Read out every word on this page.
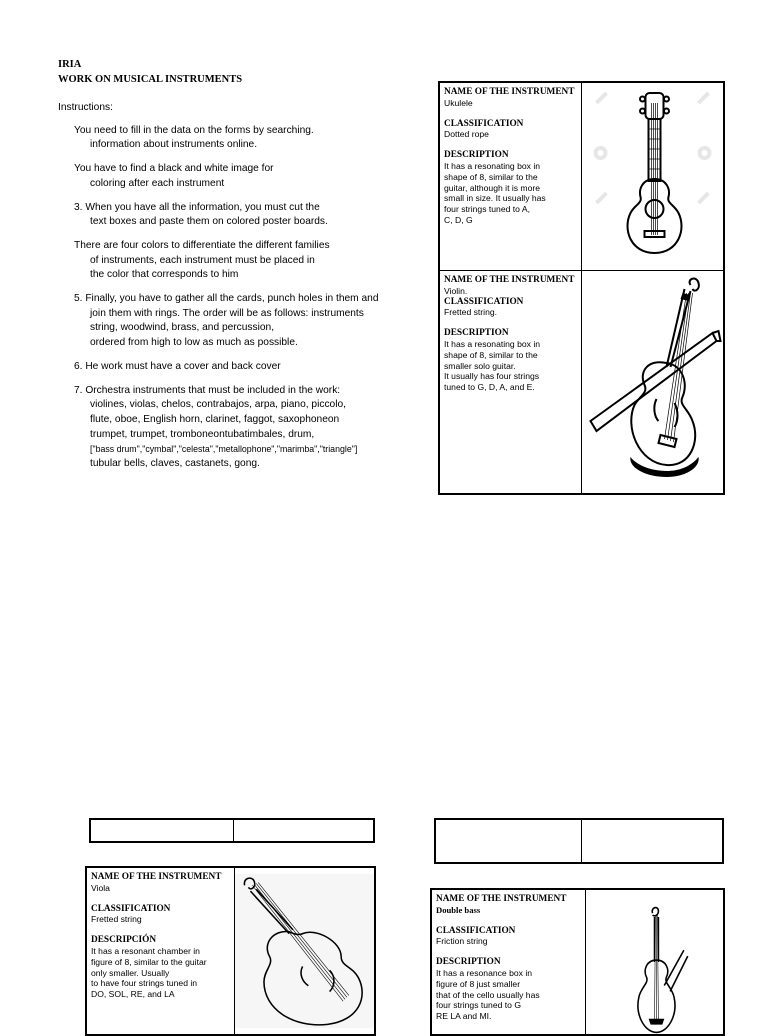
IRIA
WORK ON MUSICAL INSTRUMENTS
Instructions:
You need to fill in the data on the forms by searching.
information about instruments online.
You have to find a black and white image for
coloring after each instrument
3. When you have all the information, you must cut the
text boxes and paste them on colored poster boards.
There are four colors to differentiate the different families
of instruments, each instrument must be placed in
the color that corresponds to him
5. Finally, you have to gather all the cards, punch holes in them and
join them with rings. The order will be as follows: instruments
string, woodwind, brass, and percussion,
ordered from high to low as much as possible.
6. He work must have a cover and back cover
7. Orchestra instruments that must be included in the work:
violines, violas, chelos, contrabajos, arpa, piano, piccolo,
flute, oboe, English horn, clarinet, faggot, saxophoneon
trumpet, trumpet, tromboneontubatimbales, drum,
["bass drum","cymbal","celesta","metallophone","marimba","triangle"]
tubular bells, claves, castanets, gong.
NAME OF THE INSTRUMENT
Ukulele
CLASSIFICATION
Dotted rope
DESCRIPTION
It has a resonating box in
shape of 8, similar to the
guitar, although it is more
small in size. It usually has
four strings tuned to A,
C, D, G
NAME OF THE INSTRUMENT
Violin.
CLASSIFICATION
Fretted string.
DESCRIPTION
It has a resonating box in
shape of 8, similar to the
smaller solo guitar.
It usually has four strings
tuned to G, D, A, and E.
NAME OF THE INSTRUMENT
Viola
CLASSIFICATION
Fretted string
DESCRIPCIÓN
It has a resonant chamber in
figure of 8, similar to the guitar
only smaller. Usually
to have four strings tuned in
DO, SOL, RE, and LA
NAME OF THE INSTRUMENT
Double bass
CLASSIFICATION
Friction string
DESCRIPTION
It has a resonance box in
figure of 8 just smaller
that of the cello usually has
four strings tuned to G
RE LA and MI.
